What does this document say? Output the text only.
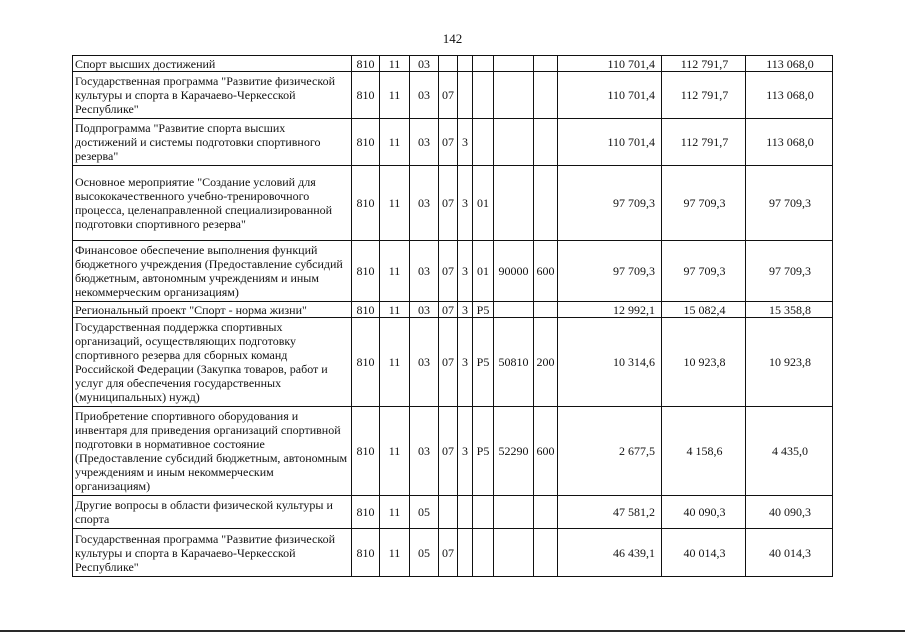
142
Спорт высших достижений	810	11	03						110 701,4	112 791,7	113 068,0
Государственная программа "Развитие физической культуры и спорта в Карачаево-Черкесской Республике"	810	11	03	07					110 701,4	112 791,7	113 068,0
Подпрограмма "Развитие спорта высших достижений и системы подготовки спортивного резерва"	810	11	03	07	3				110 701,4	112 791,7	113 068,0
Основное мероприятие "Создание условий для высококачественного учебно-тренировочного процесса, целенаправленной специализированной подготовки спортивного резерва"	810	11	03	07	3	01			97 709,3	97 709,3	97 709,3
Финансовое обеспечение выполнения функций бюджетного учреждения (Предоставление субсидий бюджетным, автономным учреждениям и иным некоммерческим организациям)	810	11	03	07	3	01	90000	600	97 709,3	97 709,3	97 709,3
Региональный проект "Спорт - норма жизни"	810	11	03	07	3	P5			12 992,1	15 082,4	15 358,8
Государственная поддержка спортивных организаций, осуществляющих подготовку спортивного резерва для сборных команд Российской Федерации (Закупка товаров, работ и услуг для обеспечения государственных (муниципальных) нужд)	810	11	03	07	3	P5	50810	200	10 314,6	10 923,8	10 923,8
Приобретение спортивного оборудования и инвентаря для приведения организаций спортивной подготовки в нормативное состояние (Предоставление субсидий бюджетным, автономным учреждениям и иным некоммерческим организациям)	810	11	03	07	3	P5	52290	600	2 677,5	4 158,6	4 435,0
Другие вопросы в области физической культуры и спорта	810	11	05						47 581,2	40 090,3	40 090,3
Государственная программа "Развитие физической культуры и спорта в Карачаево-Черкесской Республике"	810	11	05	07					46 439,1	40 014,3	40 014,3
